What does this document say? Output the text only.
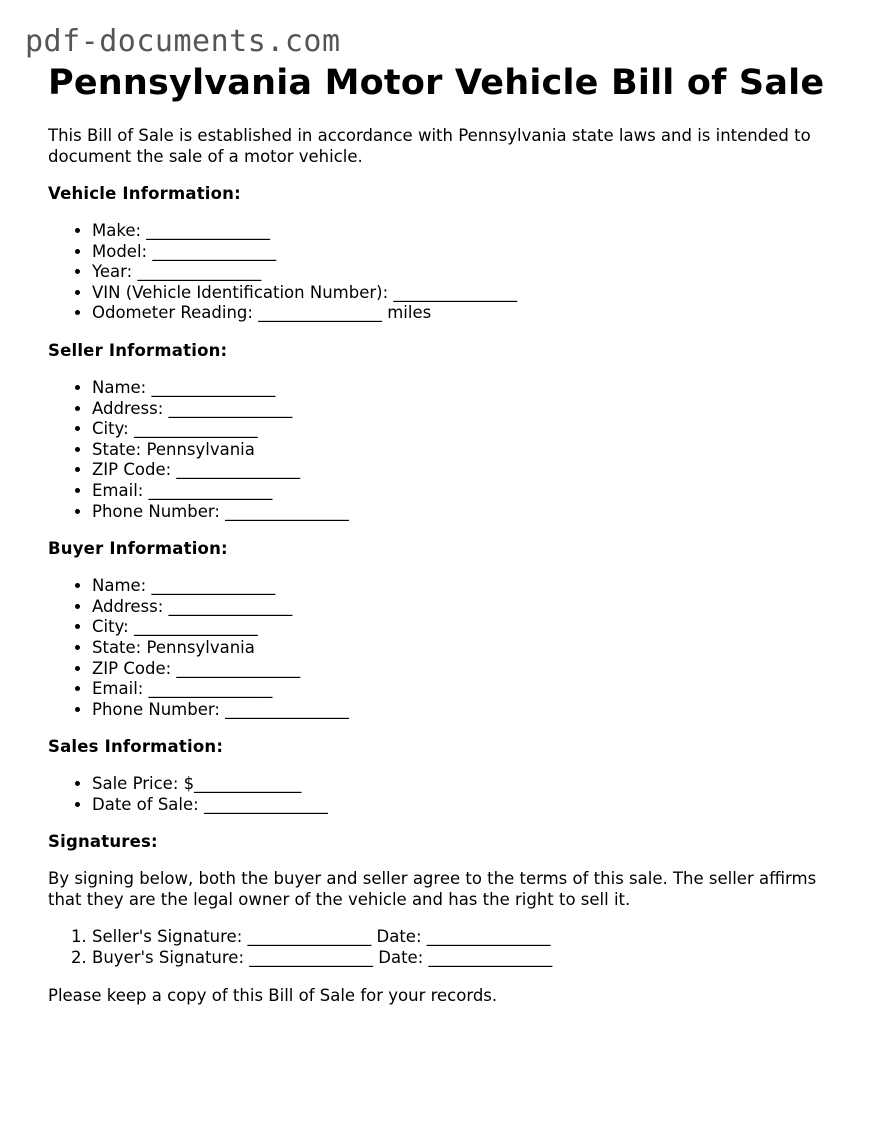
pdf-documents.com
Pennsylvania Motor Vehicle Bill of Sale

This Bill of Sale is established in accordance with Pennsylvania state laws and is intended to document the sale of a motor vehicle.

Vehicle Information:
• Make: _______________
• Model: _______________
• Year: _______________
• VIN (Vehicle Identification Number): _______________
• Odometer Reading: _______________ miles
Seller Information:
• Name: _______________
• Address: _______________
• City: _______________
• State: Pennsylvania
• ZIP Code: _______________
• Email: _______________
• Phone Number: _______________
Buyer Information:
• Name: _______________
• Address: _______________
• City: _______________
• State: Pennsylvania
• ZIP Code: _______________
• Email: _______________
• Phone Number: _______________
Sales Information:
• Sale Price: $_____________
• Date of Sale: _______________
Signatures:

By signing below, both the buyer and seller agree to the terms of this sale. The seller affirms that they are the legal owner of the vehicle and has the right to sell it.

1. Seller's Signature: _______________ Date: _______________
2. Buyer's Signature: _______________ Date: _______________

Please keep a copy of this Bill of Sale for your records.
